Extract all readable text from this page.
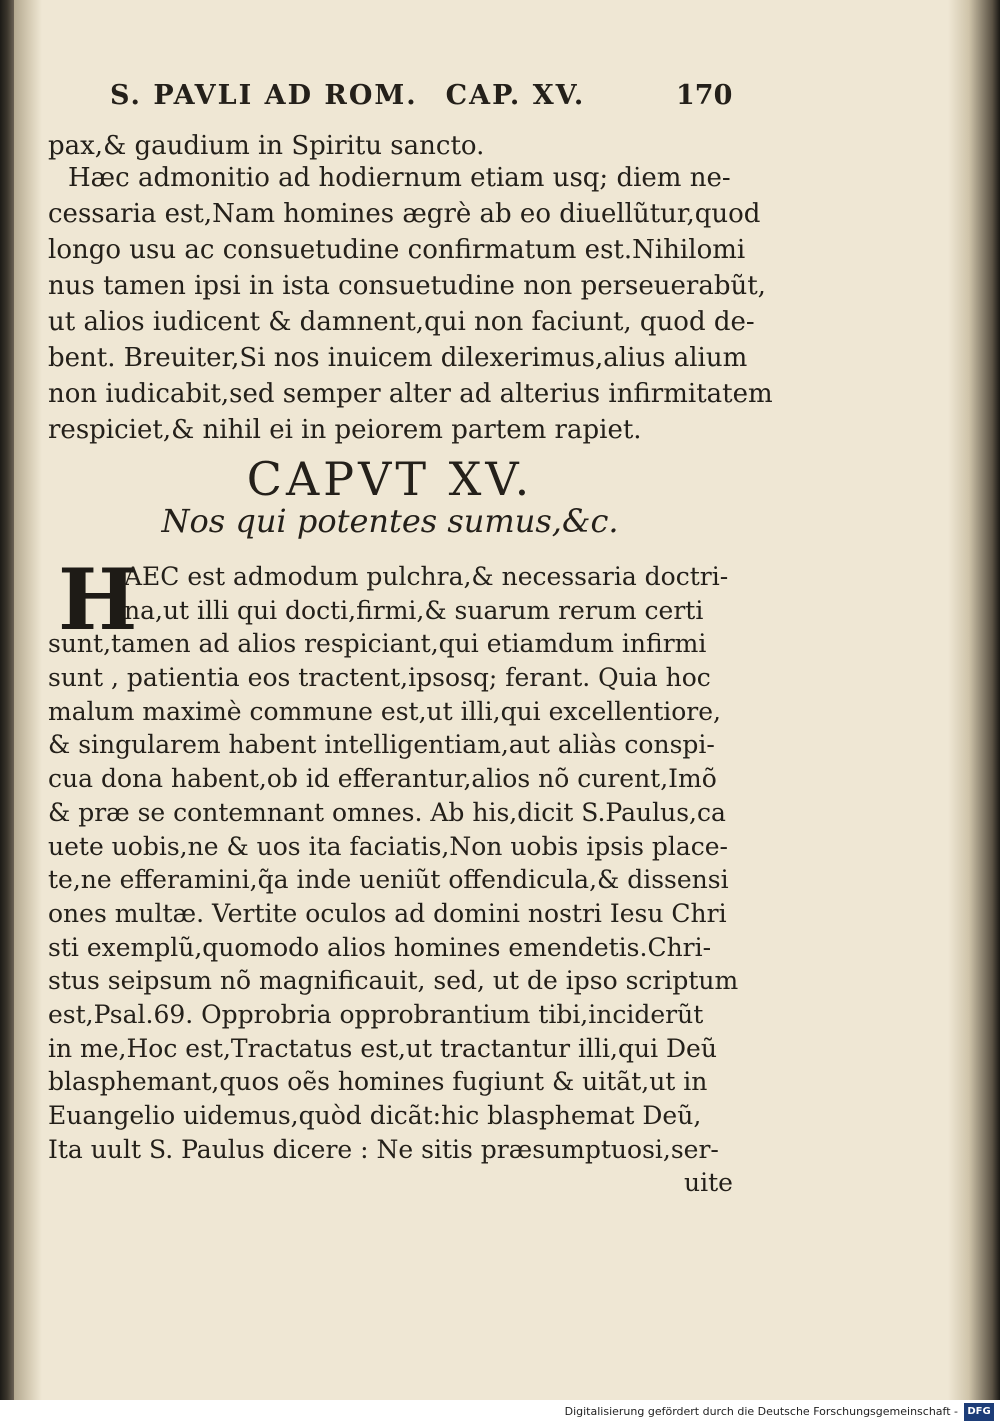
S. PAVLI AD ROM. CAP. XV.	170
pax,& gaudium in Spiritu sancto.
Hæc admonitio ad hodiernum etiam usq; diem ne-
cessaria est,Nam homines ægrè ab eo diuellũtur,quod
longo usu ac consuetudine confirmatum est.Nihilomi
nus tamen ipsi in ista consuetudine non perseuerabũt,
ut alios iudicent & damnent,qui non faciunt, quod de-
bent. Breuiter,Si nos inuicem dilexerimus,alius alium
non iudicabit,sed semper alter ad alterius infirmitatem
respiciet,& nihil ei in peiorem partem rapiet.
CAPVT XV.

Nos qui potentes sumus,&c.

H
AEC est admodum pulchra,& necessaria doctri-
na,ut illi qui docti,firmi,& suarum rerum certi
sunt,tamen ad alios respiciant,qui etiamdum infirmi
sunt , patientia eos tractent,ipsosq; ferant. Quia hoc
malum maximè commune est,ut illi,qui excellentiore,
& singularem habent intelligentiam,aut aliàs conspi-
cua dona habent,ob id efferantur,alios nõ curent,Imõ
& præ se contemnant omnes. Ab his,dicit S.Paulus,ca
uete uobis,ne & uos ita faciatis,Non uobis ipsis place-
te,ne efferamini,q̃a inde ueniũt offendicula,& dissensi
ones multæ. Vertite oculos ad domini nostri Iesu Chri
sti exemplũ,quomodo alios homines emendetis.Chri-
stus seipsum nõ magnificauit, sed, ut de ipso scriptum
est,Psal.69. Opprobria opprobrantium tibi,inciderũt
in me,Hoc est,Tractatus est,ut tractantur illi,qui Deũ
blasphemant,quos oẽs homines fugiunt & uitãt,ut in
Euangelio uidemus,quòd dicãt:hic blasphemat Deũ,
Ita uult S. Paulus dicere : Ne sitis præsumptuosi,ser-
uite
Digitalisierung gefördert durch die Deutsche Forschungsgemeinschaft - DFG
